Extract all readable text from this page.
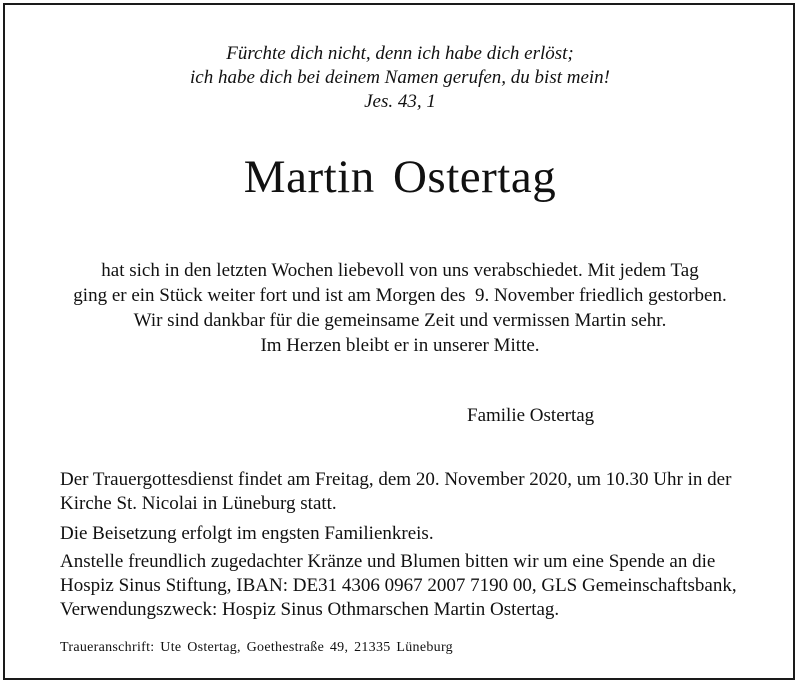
Fürchte dich nicht, denn ich habe dich erlöst;
ich habe dich bei deinem Namen gerufen, du bist mein!
Jes. 43, 1
Martin Ostertag
hat sich in den letzten Wochen liebevoll von uns verabschiedet. Mit jedem Tag
ging er ein Stück weiter fort und ist am Morgen des  9. November friedlich gestorben.
Wir sind dankbar für die gemeinsame Zeit und vermissen Martin sehr.
Im Herzen bleibt er in unserer Mitte.
Familie Ostertag
Der Trauergottesdienst findet am Freitag, dem 20. November 2020, um 10.30 Uhr in der
Kirche St. Nicolai in Lüneburg statt.
Die Beisetzung erfolgt im engsten Familienkreis.
Anstelle freundlich zugedachter Kränze und Blumen bitten wir um eine Spende an die
Hospiz Sinus Stiftung, IBAN: DE31 4306 0967 2007 7190 00, GLS Gemeinschaftsbank,
Verwendungszweck: Hospiz Sinus Othmarschen Martin Ostertag.
Traueranschrift: Ute Ostertag, Goethestraße 49, 21335 Lüneburg
